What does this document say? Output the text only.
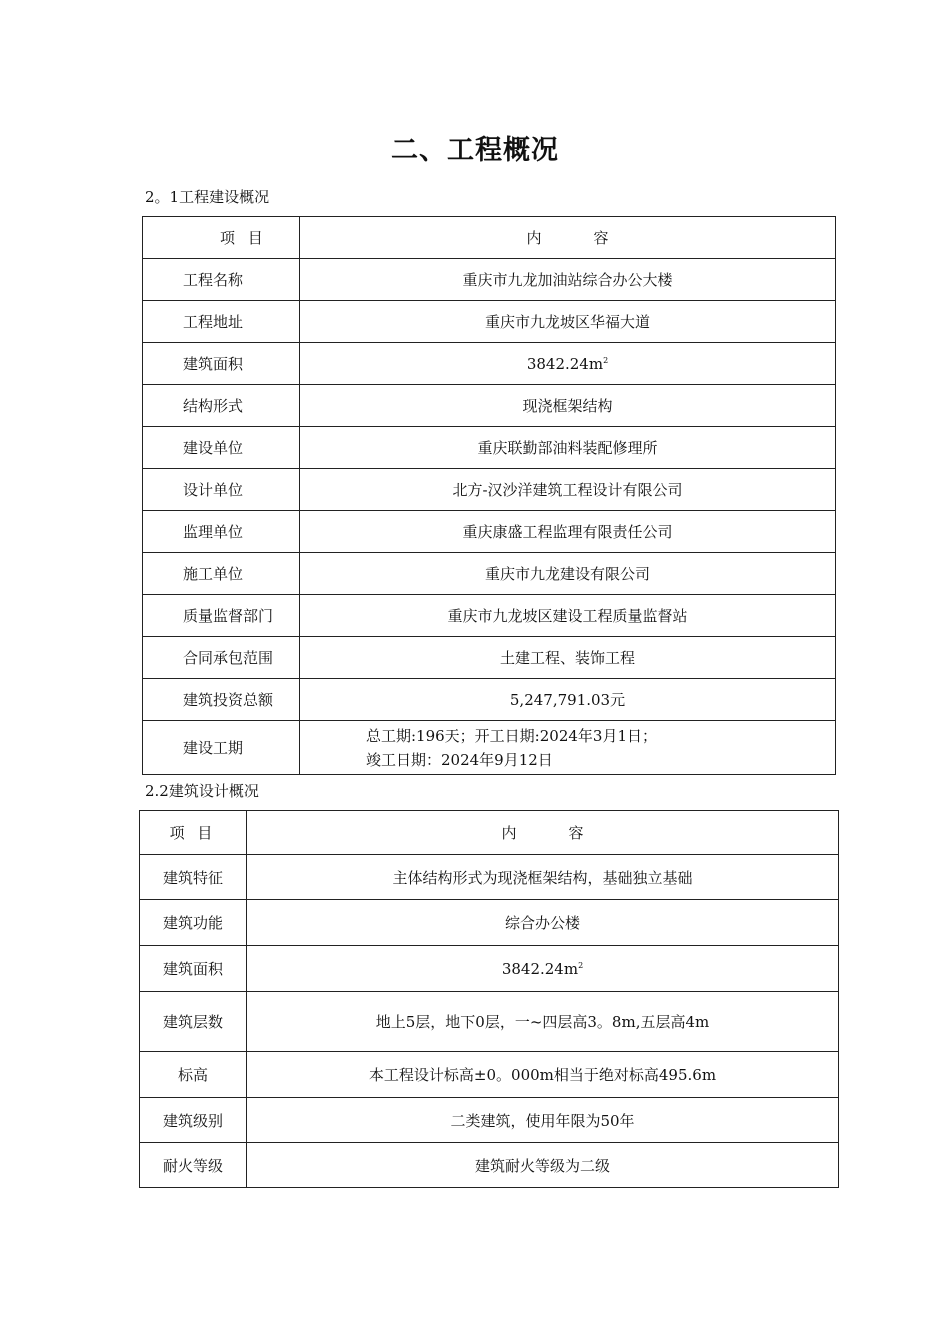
二、工程概况
2。1工程建设概况
项 目	内 容
工程名称	重庆市九龙加油站综合办公大楼
工程地址	重庆市九龙坡区华福大道
建筑面积	$3842.24m^2$
结构形式	现浇框架结构
建设单位	重庆联勤部油料装配修理所
设计单位	北方-汉沙洋建筑工程设计有限公司
监理单位	重庆康盛工程监理有限责任公司
施工单位	重庆市九龙建设有限公司
质量监督部门	重庆市九龙坡区建设工程质量监督站
合同承包范围	土建工程、装饰工程
建筑投资总额	5,247,791.03元
建设工期	总工期:196天；开工日期:2024年3月1日；
竣工日期：2024年9月12日
2.2建筑设计概况
项 目	内 容
建筑特征	主体结构形式为现浇框架结构，基础独立基础
建筑功能	综合办公楼
建筑面积	$3842.24m^2$
建筑层数	地上5层，地下0层，一~四层高3。8m,五层高4m
标高	本工程设计标高±0。000m相当于绝对标高495.6m
建筑级别	二类建筑，使用年限为50年
耐火等级	建筑耐火等级为二级
